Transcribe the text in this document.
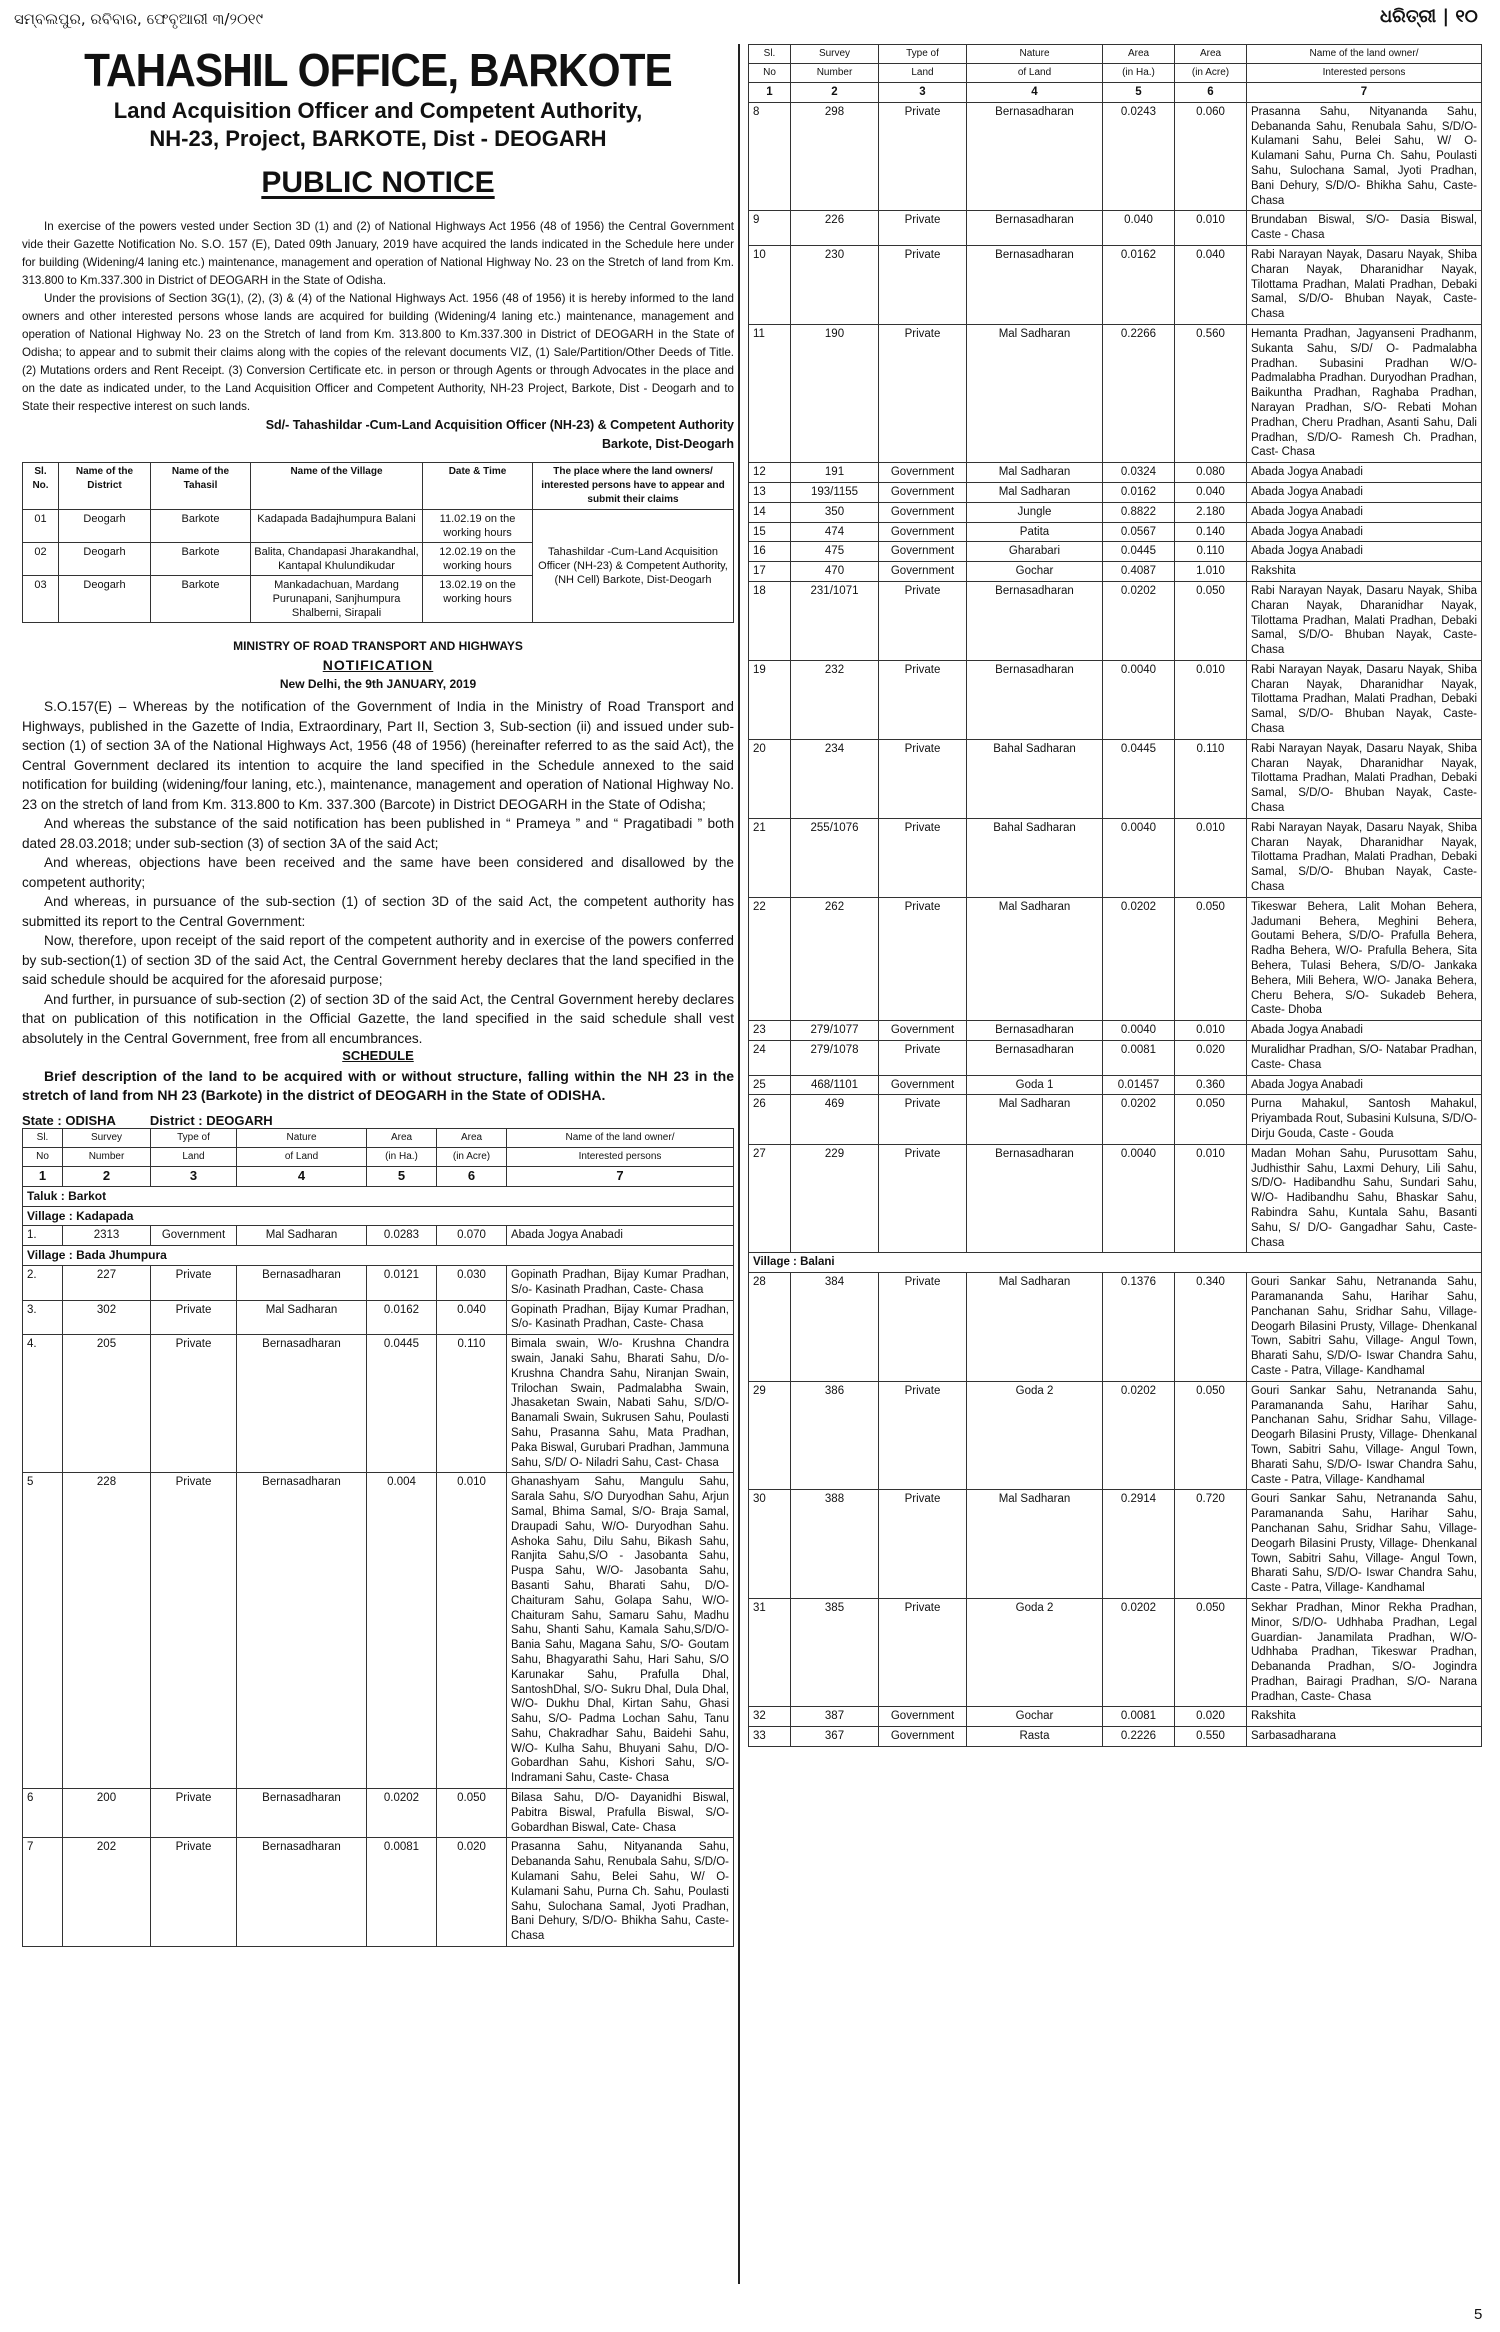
ସମ୍ବଲପୁର, ରବିବାର, ଫେବୃଆରୀ ୩/୨୦୧୯	ଧରିତ୍ରୀ | ୧୦
TAHASHIL OFFICE, BARKOTE
Land Acquisition Officer and Competent Authority,
NH-23, Project, BARKOTE, Dist - DEOGARH
PUBLIC NOTICE

In exercise of the powers vested under Section 3D (1) and (2) of National Highways Act 1956 (48 of 1956) the Central Government vide their Gazette Notification No. S.O. 157 (E), Dated 09th January, 2019 have acquired the lands indicated in the Schedule here under for building (Widening/4 laning etc.) maintenance, management and operation of National Highway No. 23 on the Stretch of land from Km. 313.800 to Km.337.300 in District of DEOGARH in the State of Odisha.

Under the provisions of Section 3G(1), (2), (3) & (4) of the National Highways Act. 1956 (48 of 1956) it is hereby informed to the land owners and other interested persons whose lands are acquired for building (Widening/4 laning etc.) maintenance, management and operation of National Highway No. 23 on the Stretch of land from Km. 313.800 to Km.337.300 in District of DEOGARH in the State of Odisha; to appear and to submit their claims along with the copies of the relevant documents VIZ, (1) Sale/Partition/Other Deeds of Title. (2) Mutations orders and Rent Receipt. (3) Conversion Certificate etc. in person or through Agents or through Advocates in the place and on the date as indicated under, to the Land Acquisition Officer and Competent Authority, NH-23 Project, Barkote, Dist - Deogarh and to State their respective interest on such lands.

Sd/- Tahashildar -Cum-Land Acquisition Officer (NH-23) & Competent Authority
Barkote, Dist-Deogarh
Sl. No.	Name of the District	Name of the Tahasil	Name of the Village	Date & Time	The place where the land owners/ interested persons have to appear and submit their claims
01	Deogarh	Barkote	Kadapada Badajhumpura Balani	11.02.19 on the working hours	Tahashildar -Cum-Land Acquisition Officer (NH-23) & Competent Authority, (NH Cell) Barkote, Dist-Deogarh
02	Deogarh	Barkote	Balita, Chandapasi Jharakandhal, Kantapal Khulundikudar	12.02.19 on the working hours	
03	Deogarh	Barkote	Mankadachuan, Mardang Purunapani, Sanjhumpura Shalberni, Sirapali	13.02.19 on the working hours	
MINISTRY OF ROAD TRANSPORT AND HIGHWAYS
NOTIFICATION
New Delhi, the 9th JANUARY, 2019

S.O.157(E) – Whereas by the notification of the Government of India in the Ministry of Road Transport and Highways, published in the Gazette of India, Extraordinary, Part II, Section 3, Sub-section (ii) and issued under sub-section (1) of section 3A of the National Highways Act, 1956 (48 of 1956) (hereinafter referred to as the said Act), the Central Government declared its intention to acquire the land specified in the Schedule annexed to the said notification for building (widening/four laning, etc.), maintenance, management and operation of National Highway No. 23 on the stretch of land from Km. 313.800 to Km. 337.300 (Barcote) in District DEOGARH in the State of Odisha;

And whereas the substance of the said notification has been published in “ Prameya ” and “ Pragatibadi ” both dated 28.03.2018; under sub-section (3) of section 3A of the said Act;

And whereas, objections have been received and the same have been considered and disallowed by the competent authority;

And whereas, in pursuance of the sub-section (1) of section 3D of the said Act, the competent authority has submitted its report to the Central Government:

Now, therefore, upon receipt of the said report of the competent authority and in exercise of the powers conferred by sub-section(1) of section 3D of the said Act, the Central Government hereby declares that the land specified in the said schedule should be acquired for the aforesaid purpose;

And further, in pursuance of sub-section (2) of section 3D of the said Act, the Central Government hereby declares that on publication of this notification in the Official Gazette, the land specified in the said schedule shall vest absolutely in the Central Government, free from all encumbrances.

SCHEDULE

Brief description of the land to be acquired with or without structure, falling within the NH 23 in the stretch of land from NH 23 (Barkote) in the district of DEOGARH in the State of ODISHA.

State : ODISHA	District : DEOGARH
Sl.	Survey	Type of	Nature	Area	Area	Name of the land owner/
No	Number	Land	of Land	(in Ha.)	(in Acre)	Interested persons
1	2	3	4	5	6	7
Taluk : Barkot						
Village : Kadapada						
1.	2313	Government	Mal Sadharan	0.0283	0.070	Abada Jogya Anabadi
Village : Bada Jhumpura						
2.	227	Private	Bernasadharan	0.0121	0.030	Gopinath Pradhan, Bijay Kumar Pradhan, S/o- Kasinath Pradhan, Caste- Chasa
3.	302	Private	Mal Sadharan	0.0162	0.040	Gopinath Pradhan, Bijay Kumar Pradhan, S/o- Kasinath Pradhan, Caste- Chasa
4.	205	Private	Bernasadharan	0.0445	0.110	Bimala swain, W/o- Krushna Chandra swain, Janaki Sahu, Bharati Sahu, D/o- Krushna Chandra Sahu, Niranjan Swain, Trilochan Swain, Padmalabha Swain, Jhasaketan Swain, Nabati Sahu, S/D/O- Banamali Swain, Sukrusen Sahu, Poulasti Sahu, Prasanna Sahu, Mata Pradhan, Paka Biswal, Gurubari Pradhan, Jammuna Sahu, S/D/ O- Niladri Sahu, Cast- Chasa
5	228	Private	Bernasadharan	0.004	0.010	Ghanashyam Sahu, Mangulu Sahu, Sarala Sahu, S/O Duryodhan Sahu, Arjun Samal, Bhima Samal, S/O- Braja Samal, Draupadi Sahu, W/O- Duryodhan Sahu. Ashoka Sahu, Dilu Sahu, Bikash Sahu, Ranjita Sahu,S/O - Jasobanta Sahu, Puspa Sahu, W/O- Jasobanta Sahu, Basanti Sahu, Bharati Sahu, D/O- Chaituram Sahu, Golapa Sahu, W/O- Chaituram Sahu, Samaru Sahu, Madhu Sahu, Shanti Sahu, Kamala Sahu,S/D/O- Bania Sahu, Magana Sahu, S/O- Goutam Sahu, Bhagyarathi Sahu, Hari Sahu, S/O Karunakar Sahu, Prafulla Dhal, SantoshDhal, S/O- Sukru Dhal, Dula Dhal, W/O- Dukhu Dhal, Kirtan Sahu, Ghasi Sahu, S/O- Padma Lochan Sahu, Tanu Sahu, Chakradhar Sahu, Baidehi Sahu, W/O- Kulha Sahu, Bhuyani Sahu, D/O- Gobardhan Sahu, Kishori Sahu, S/O- Indramani Sahu, Caste- Chasa
6	200	Private	Bernasadharan	0.0202	0.050	Bilasa Sahu, D/O- Dayanidhi Biswal, Pabitra Biswal, Prafulla Biswal, S/O- Gobardhan Biswal, Cate- Chasa
7	202	Private	Bernasadharan	0.0081	0.020	Prasanna Sahu, Nityananda Sahu, Debananda Sahu, Renubala Sahu, S/D/O- Kulamani Sahu, Belei Sahu, W/ O- Kulamani Sahu, Purna Ch. Sahu, Poulasti Sahu, Sulochana Samal, Jyoti Pradhan, Bani Dehury, S/D/O- Bhikha Sahu, Caste- Chasa
Sl.	Survey	Type of	Nature	Area	Area	Name of the land owner/
No	Number	Land	of Land	(in Ha.)	(in Acre)	Interested persons
1	2	3	4	5	6	7
8	298	Private	Bernasadharan	0.0243	0.060	Prasanna Sahu, Nityananda Sahu, Debananda Sahu, Renubala Sahu, S/D/O- Kulamani Sahu, Belei Sahu, W/ O- Kulamani Sahu, Purna Ch. Sahu, Poulasti Sahu, Sulochana Samal, Jyoti Pradhan, Bani Dehury, S/D/O- Bhikha Sahu, Caste- Chasa
9	226	Private	Bernasadharan	0.040	0.010	Brundaban Biswal, S/O- Dasia Biswal, Caste - Chasa
10	230	Private	Bernasadharan	0.0162	0.040	Rabi Narayan Nayak, Dasaru Nayak, Shiba Charan Nayak, Dharanidhar Nayak, Tilottama Pradhan, Malati Pradhan, Debaki Samal, S/D/O- Bhuban Nayak, Caste- Chasa
11	190	Private	Mal Sadharan	0.2266	0.560	Hemanta Pradhan, Jagyanseni Pradhanm, Sukanta Sahu, S/D/ O- Padmalabha Pradhan. Subasini Pradhan W/O- Padmalabha Pradhan. Duryodhan Pradhan, Baikuntha Pradhan, Raghaba Pradhan, Narayan Pradhan, S/O- Rebati Mohan Pradhan, Cheru Pradhan, Asanti Sahu, Dali Pradhan, S/D/O- Ramesh Ch. Pradhan, Cast- Chasa
12	191	Government	Mal Sadharan	0.0324	0.080	Abada Jogya Anabadi
13	193/1155	Government	Mal Sadharan	0.0162	0.040	Abada Jogya Anabadi
14	350	Government	Jungle	0.8822	2.180	Abada Jogya Anabadi
15	474	Government	Patita	0.0567	0.140	Abada Jogya Anabadi
16	475	Government	Gharabari	0.0445	0.110	Abada Jogya Anabadi
17	470	Government	Gochar	0.4087	1.010	Rakshita
18	231/1071	Private	Bernasadharan	0.0202	0.050	Rabi Narayan Nayak, Dasaru Nayak, Shiba Charan Nayak, Dharanidhar Nayak, Tilottama Pradhan, Malati Pradhan, Debaki Samal, S/D/O- Bhuban Nayak, Caste- Chasa
19	232	Private	Bernasadharan	0.0040	0.010	Rabi Narayan Nayak, Dasaru Nayak, Shiba Charan Nayak, Dharanidhar Nayak, Tilottama Pradhan, Malati Pradhan, Debaki Samal, S/D/O- Bhuban Nayak, Caste- Chasa
20	234	Private	Bahal Sadharan	0.0445	0.110	Rabi Narayan Nayak, Dasaru Nayak, Shiba Charan Nayak, Dharanidhar Nayak, Tilottama Pradhan, Malati Pradhan, Debaki Samal, S/D/O- Bhuban Nayak, Caste- Chasa
21	255/1076	Private	Bahal Sadharan	0.0040	0.010	Rabi Narayan Nayak, Dasaru Nayak, Shiba Charan Nayak, Dharanidhar Nayak, Tilottama Pradhan, Malati Pradhan, Debaki Samal, S/D/O- Bhuban Nayak, Caste- Chasa
22	262	Private	Mal Sadharan	0.0202	0.050	Tikeswar Behera, Lalit Mohan Behera, Jadumani Behera, Meghini Behera, Goutami Behera, S/D/O- Prafulla Behera, Radha Behera, W/O- Prafulla Behera, Sita Behera, Tulasi Behera, S/D/O- Jankaka Behera, Mili Behera, W/O- Janaka Behera, Cheru Behera, S/O- Sukadeb Behera, Caste- Dhoba
23	279/1077	Government	Bernasadharan	0.0040	0.010	Abada Jogya Anabadi
24	279/1078	Private	Bernasadharan	0.0081	0.020	Muralidhar Pradhan, S/O- Natabar Pradhan, Caste- Chasa
25	468/1101	Government	Goda 1	0.01457	0.360	Abada Jogya Anabadi
26	469	Private	Mal Sadharan	0.0202	0.050	Purna Mahakul, Santosh Mahakul, Priyambada Rout, Subasini Kulsuna, S/D/O- Dirju Gouda, Caste - Gouda
27	229	Private	Bernasadharan	0.0040	0.010	Madan Mohan Sahu, Purusottam Sahu, Judhisthir Sahu, Laxmi Dehury, Lili Sahu, S/D/O- Hadibandhu Sahu, Sundari Sahu, W/O- Hadibandhu Sahu, Bhaskar Sahu, Rabindra Sahu, Kuntala Sahu, Basanti Sahu, S/ D/O- Gangadhar Sahu, Caste- Chasa
Village : Balani						
28	384	Private	Mal Sadharan	0.1376	0.340	Gouri Sankar Sahu, Netrananda Sahu, Paramananda Sahu, Harihar Sahu, Panchanan Sahu, Sridhar Sahu, Village- Deogarh Bilasini Prusty, Village- Dhenkanal Town, Sabitri Sahu, Village- Angul Town, Bharati Sahu, S/D/O- Iswar Chandra Sahu, Caste - Patra, Village- Kandhamal
29	386	Private	Goda 2	0.0202	0.050	Gouri Sankar Sahu, Netrananda Sahu, Paramananda Sahu, Harihar Sahu, Panchanan Sahu, Sridhar Sahu, Village- Deogarh Bilasini Prusty, Village- Dhenkanal Town, Sabitri Sahu, Village- Angul Town, Bharati Sahu, S/D/O- Iswar Chandra Sahu, Caste - Patra, Village- Kandhamal
30	388	Private	Mal Sadharan	0.2914	0.720	Gouri Sankar Sahu, Netrananda Sahu, Paramananda Sahu, Harihar Sahu, Panchanan Sahu, Sridhar Sahu, Village- Deogarh Bilasini Prusty, Village- Dhenkanal Town, Sabitri Sahu, Village- Angul Town, Bharati Sahu, S/D/O- Iswar Chandra Sahu, Caste - Patra, Village- Kandhamal
31	385	Private	Goda 2	0.0202	0.050	Sekhar Pradhan, Minor Rekha Pradhan, Minor, S/D/O- Udhhaba Pradhan, Legal Guardian- Janamilata Pradhan, W/O- Udhhaba Pradhan, Tikeswar Pradhan, Debananda Pradhan, S/O- Jogindra Pradhan, Bairagi Pradhan, S/O- Narana Pradhan, Caste- Chasa
32	387	Government	Gochar	0.0081	0.020	Rakshita
33	367	Government	Rasta	0.2226	0.550	Sarbasadharana
5
